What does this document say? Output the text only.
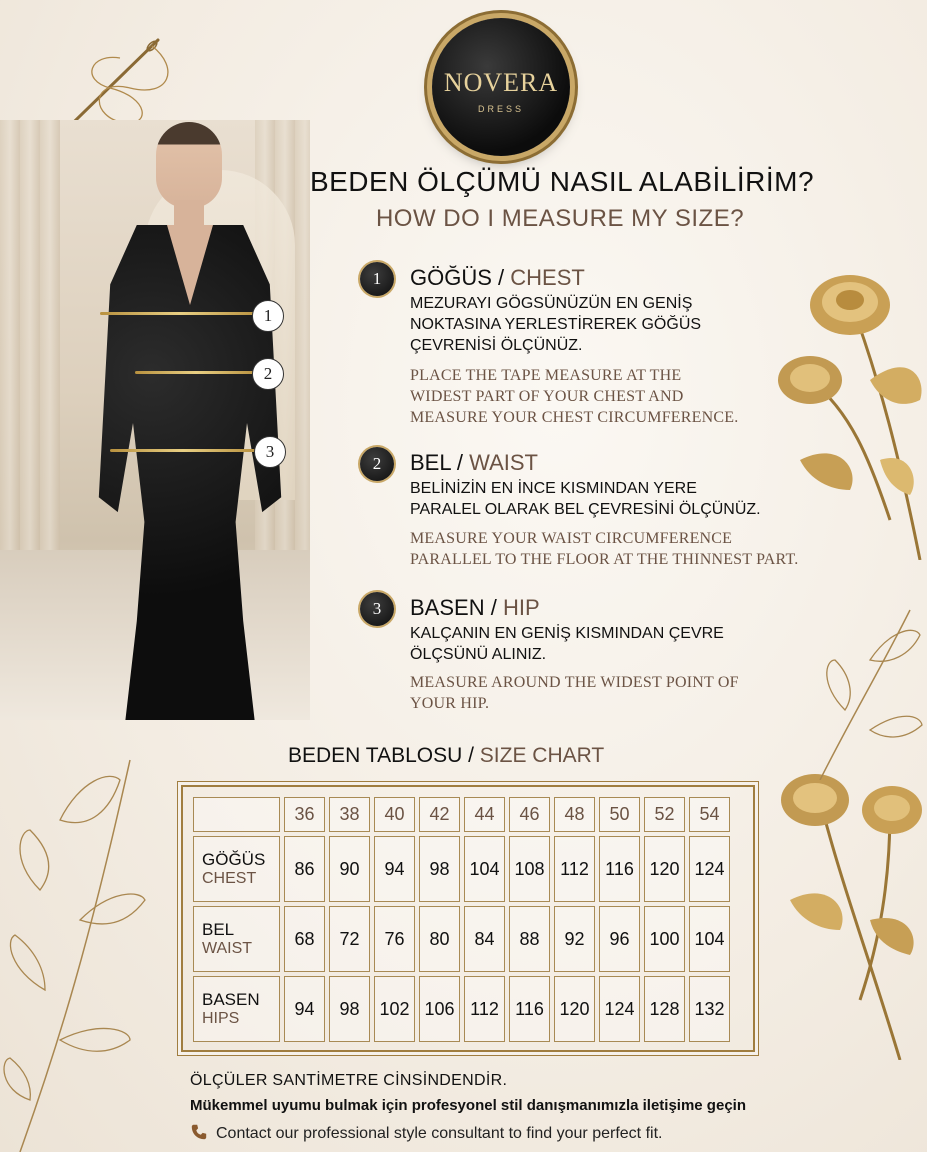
1
2
3
NOVERA
DRESS
BEDEN ÖLÇÜMÜ NASIL ALABİLİRİM?
HOW DO I MEASURE MY SIZE?
1	GÖĞÜS / CHEST
MEZURAYI GÖGSÜNÜZÜN EN GENİŞ
NOKTASINA YERLESTİREREK GÖĞÜS
ÇEVRENİSİ ÖLÇÜNÜZ.
PLACE THE TAPE MEASURE AT THE
WIDEST PART OF YOUR CHEST AND
MEASURE YOUR CHEST CIRCUMFERENCE.
2	BEL / WAIST
BELİNİZİN EN İNCE KISMINDAN YERE
PARALEL OLARAK BEL ÇEVRESİNİ ÖLÇÜNÜZ.
MEASURE YOUR WAIST CIRCUMFERENCE
PARALLEL TO THE FLOOR AT THE THINNEST PART.
3	BASEN / HIP
KALÇANIN EN GENİŞ KISMINDAN ÇEVRE
ÖLÇSÜNÜ ALINIZ.
MEASURE AROUND THE WIDEST POINT OF
YOUR HIP.
BEDEN TABLOSU / SIZE CHART
	36	38	40	42	44	46	48	50	52	54

GÖĞÜS
CHEST	86	90	94	98	104	108	112	116	120	124

BEL
WAIST	68	72	76	80	84	88	92	96	100	104

BASEN
HIPS	94	98	102	106	112	116	120	124	128	132
ÖLÇÜLER SANTİMETRE CİNSİNDENDİR.
Mükemmel uyumu bulmak için profesyonel stil danışmanımızla iletişime geçin
Contact our professional style consultant to find your perfect fit.
